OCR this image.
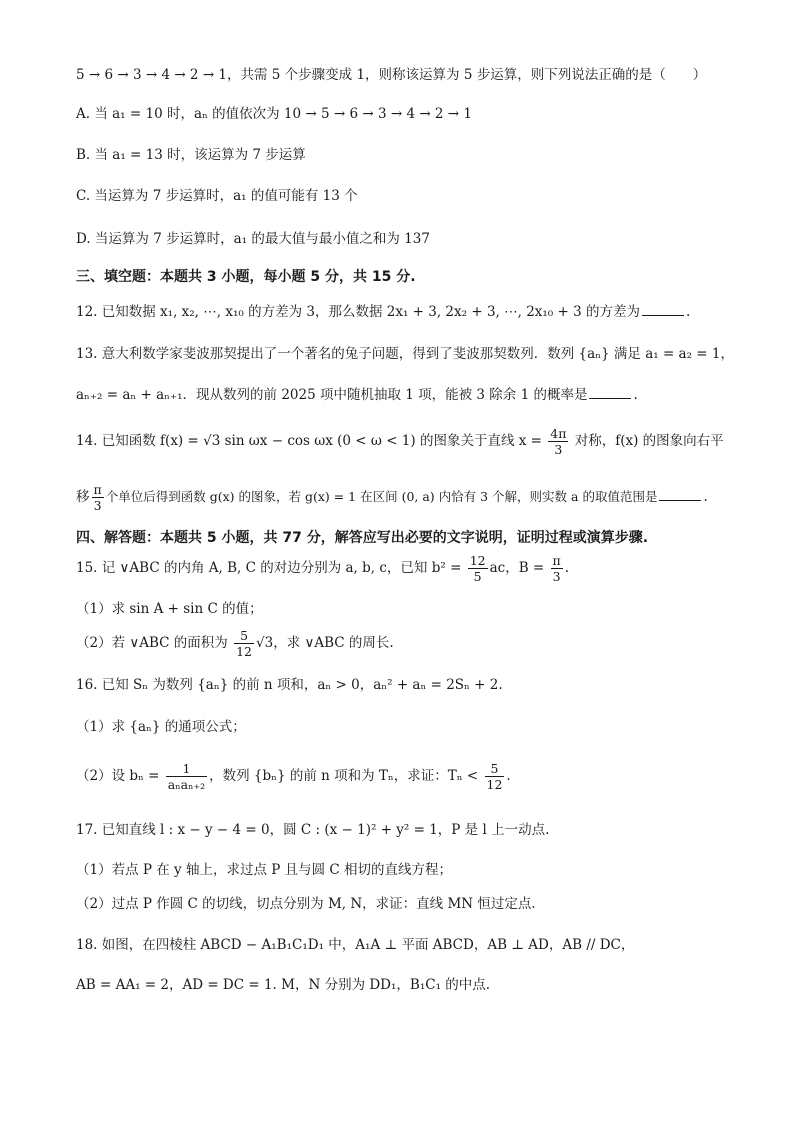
5 → 6 → 3 → 4 → 2 → 1，共需 5 个步骤变成 1，则称该运算为 5 步运算，则下列说法正确的是（　　）
A. 当 a₁ = 10 时，aₙ 的值依次为 10 → 5 → 6 → 3 → 4 → 2 → 1
B. 当 a₁ = 13 时，该运算为 7 步运算
C. 当运算为 7 步运算时，a₁ 的值可能有 13 个
D. 当运算为 7 步运算时，a₁ 的最大值与最小值之和为 137
三、填空题：本题共 3 小题，每小题 5 分，共 15 分.
12. 已知数据 x₁, x₂, ⋯, x₁₀ 的方差为 3，那么数据 2x₁ + 3, 2x₂ + 3, ⋯, 2x₁₀ + 3 的方差为	.
13. 意大利数学家斐波那契提出了一个著名的兔子问题，得到了斐波那契数列．数列 {aₙ} 满足 a₁ = a₂ = 1，
aₙ₊₂ = aₙ + aₙ₊₁．现从数列的前 2025 项中随机抽取 1 项，能被 3 除余 1 的概率是	.
14. 已知函数 f(x) = √3 sin ωx − cos ωx (0 < ω < 1) 的图象关于直线 $x = \frac{4\pi}{3}$ 对称，f(x) 的图象向右平
移 $\frac{\pi}{3}$ 个单位后得到函数 g(x) 的图象，若 g(x) = 1 在区间 (0, a) 内恰有 3 个解，则实数 a 的取值范围是	.
四、解答题：本题共 5 小题，共 77 分，解答应写出必要的文字说明，证明过程或演算步骤.
15. 记 ∨ABC 的内角 A, B, C 的对边分别为 a, b, c，已知 $b^2 = \frac{12}{5}$ ac，$B = \frac{\pi}{3}$ .
（1）求 sin A + sin C 的值；
（2）若 ∨ABC 的面积为 $\frac{5}{12} √3$，求 ∨ABC 的周长.
16. 已知 Sₙ 为数列 {aₙ} 的前 n 项和，aₙ > 0，aₙ² + aₙ = 2Sₙ + 2.
（1）求 {aₙ} 的通项公式；
（2）设 $b_n = \frac{1}{\text{aₙaₙ₊₂}}$ ，数列 {bₙ} 的前 n 项和为 Tₙ，求证：$T_n < \frac{5}{12}$ .
17. 已知直线 l : x − y − 4 = 0，圆 C : (x − 1)² + y² = 1，P 是 l 上一动点.
（1）若点 P 在 y 轴上，求过点 P 且与圆 C 相切的直线方程；
（2）过点 P 作圆 C 的切线，切点分别为 M, N，求证：直线 MN 恒过定点.
18. 如图，在四棱柱 ABCD − A₁B₁C₁D₁ 中，A₁A ⊥ 平面 ABCD，AB ⊥ AD，AB // DC，
AB = AA₁ = 2，AD = DC = 1. M，N 分别为 DD₁，B₁C₁ 的中点.
